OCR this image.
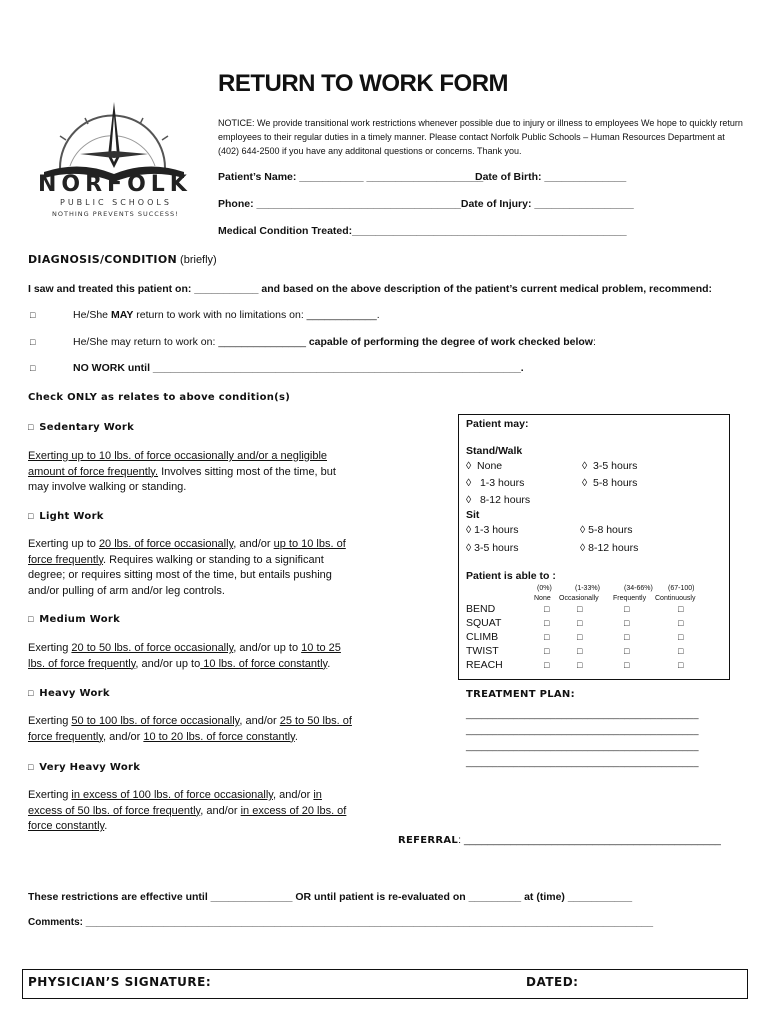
NORFOLK
PUBLIC SCHOOLS
NOTHING PREVENTS SUCCESS!
RETURN TO WORK FORM
NOTICE: We provide transitional work restrictions whenever possible due to injury or illness to employees We hope to quickly return employees to their regular duties in a timely manner. Please contact Norfolk Public Schools – Human Resources Department at (402) 644-2500 if you have any additonal questions or concerns. Thank you.
Patient’s Name: ___________ ____________________
Date of Birth: ______________
Phone: ___________________________________Date of Injury: _________________
Medical Condition Treated:_______________________________________________
DIAGNOSIS/CONDITION (briefly)
I saw and treated this patient on: ___________ and based on the above description of the patient’s current medical problem, recommend:
□	He/She MAY return to work with no limitations on: ____________.
□	He/She may return to work on: _______________ capable of performing the degree of work checked below:
□	NO WORK until _______________________________________________________________.
Check ONLY as relates to above condition(s)
□ Sedentary Work
Exerting up to 10 lbs. of force occasionally and/or a negligible amount of force frequently. Involves sitting most of the time, but may involve walking or standing.
□ Light Work
Exerting up to 20 lbs. of force occasionally, and/or up to 10 lbs. of force frequently. Requires walking or standing to a significant degree; or requires sitting most of the time, but entails pushing and/or pulling of arm and/or leg controls.
□ Medium Work
Exerting 20 to 50 lbs. of force occasionally, and/or up to 10 to 25 lbs. of force frequently, and/or up to 10 lbs. of force constantly.
□ Heavy Work
Exerting 50 to 100 lbs. of force occasionally, and/or 25 to 50 lbs. of force frequently, and/or 10 to 20 lbs. of force constantly.
□ Very Heavy Work
Exerting in excess of 100 lbs. of force occasionally, and/or in excess of 50 lbs. of force frequently, and/or in excess of 20 lbs. of force constantly.
Patient may:
Stand/Walk
◊ None	◊ 3-5 hours
◊ 1-3 hours	◊ 5-8 hours
◊ 8-12 hours
Sit
◊ 1-3 hours	◊ 5-8 hours
◊ 3-5 hours	◊ 8-12 hours
Patient is able to :
(0%)	(1-33%)	(34-66%) (67-100)
None Occasionally Frequently Continuously
BEND	□	□	□	□
SQUAT	□	□	□	□
CLIMB	□	□	□	□
TWIST	□	□	□	□
REACH	□	□	□	□
TREATMENT PLAN:
____________________________________________
____________________________________________
____________________________________________
____________________________________________
REFERRAL: ____________________________________________
These restrictions are effective until ______________ OR until patient is re-evaluated on _________ at (time) ___________
Comments: ______________________________________________________________________________________________________
PHYSICIAN’S SIGNATURE:	DATED:
